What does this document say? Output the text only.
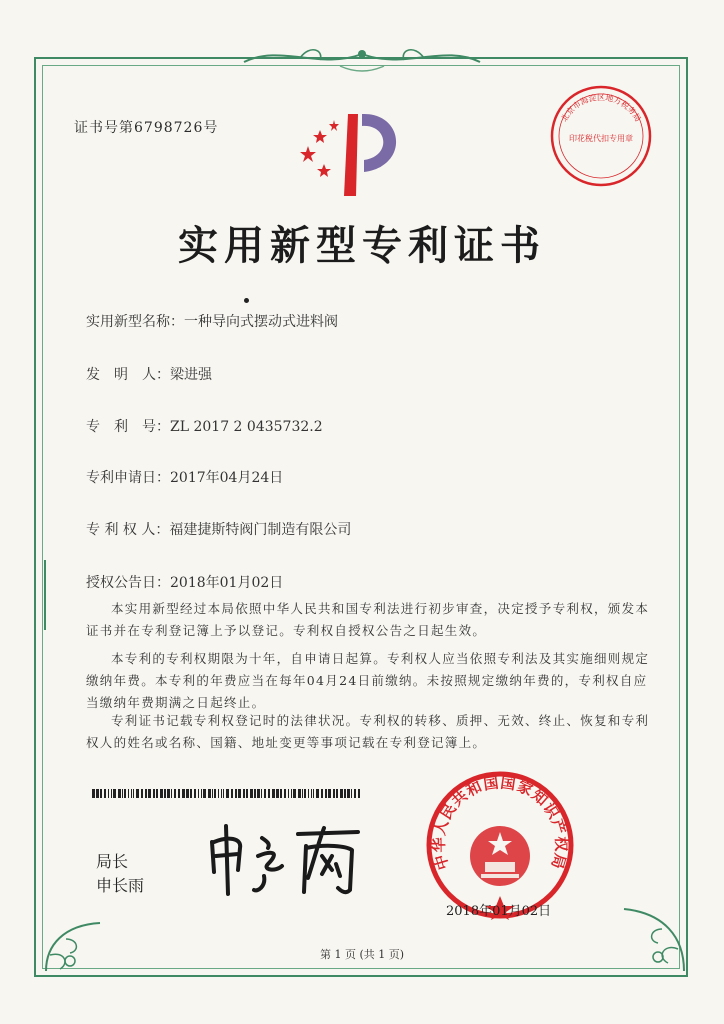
证书号第6798726号
北京市海淀区地方税务局
印花税代扣专用章
实用新型专利证书
实用新型名称：一种导向式摆动式进料阀
发　明　人：梁进强
专　利　号：ZL 2017 2 0435732.2
专利申请日：2017年04月24日
专 利 权 人：福建捷斯特阀门制造有限公司
授权公告日：2018年01月02日
本实用新型经过本局依照中华人民共和国专利法进行初步审查，决定授予专利权，颁发本证书并在专利登记簿上予以登记。专利权自授权公告之日起生效。
本专利的专利权期限为十年，自申请日起算。专利权人应当依照专利法及其实施细则规定缴纳年费。本专利的年费应当在每年04月24日前缴纳。未按照规定缴纳年费的，专利权自应当缴纳年费期满之日起终止。
专利证书记载专利权登记时的法律状况。专利权的转移、质押、无效、终止、恢复和专利权人的姓名或名称、国籍、地址变更等事项记载在专利登记簿上。
局长
申长雨
中华人民共和国国家知识产权局
2018年01月02日
第 1 页 (共 1 页)
